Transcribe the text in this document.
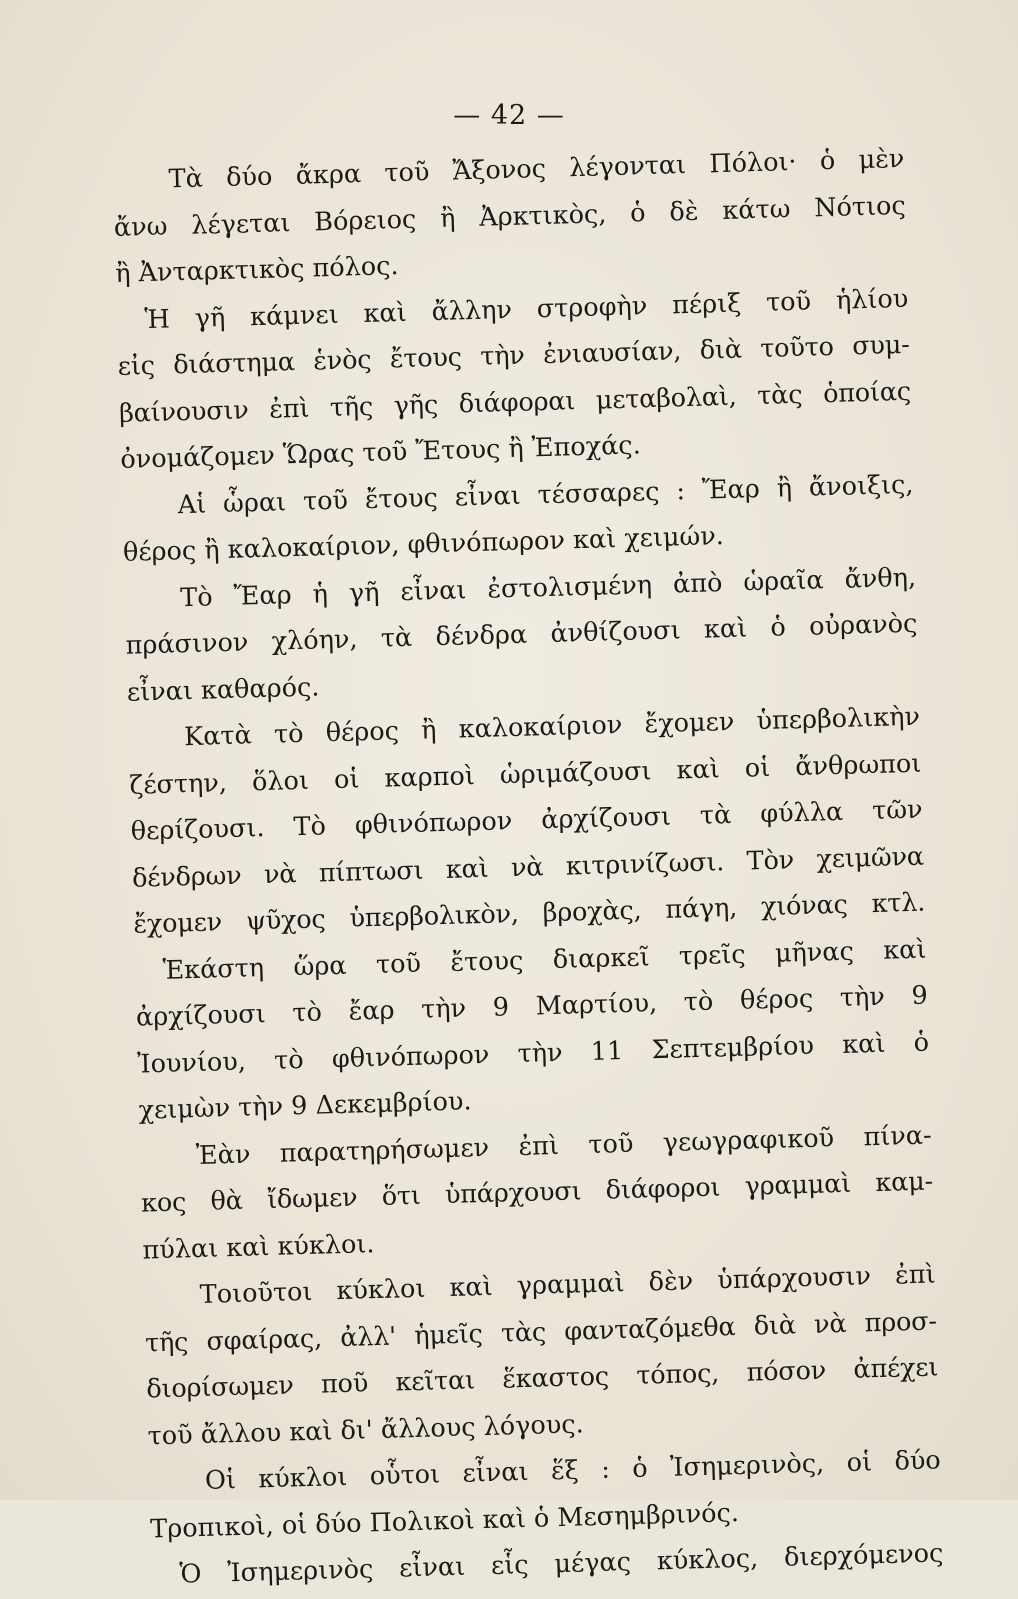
— 42 —
Τὰ δύο ἄκρα τοῦ Ἄξονος λέγονται Πόλοι· ὁ μὲν
ἄνω λέγεται Βόρειος ἢ Ἀρκτικὸς, ὁ δὲ κάτω Νότιος
ἢ Ἀνταρκτικὸς πόλος.
Ἡ γῆ κάμνει καὶ ἄλλην στροφὴν πέριξ τοῦ ἡλίου
εἰς διάστημα ἑνὸς ἔτους τὴν ἐνιαυσίαν, διὰ τοῦτο συμ-
βαίνουσιν ἐπὶ τῆς γῆς διάφοραι μεταβολαὶ, τὰς ὁποίας
ὀνομάζομεν Ὥρας τοῦ Ἔτους ἢ Ἐποχάς.
Αἱ ὧραι τοῦ ἔτους εἶναι τέσσαρες : Ἔαρ ἢ ἄνοιξις,
θέρος ἢ καλοκαίριον, φθινόπωρον καὶ χειμών.
Τὸ Ἔαρ ἡ γῆ εἶναι ἐστολισμένη ἀπὸ ὡραῖα ἄνθη,
πράσινον χλόην, τὰ δένδρα ἀνθίζουσι καὶ ὁ οὐρανὸς
εἶναι καθαρός.
Κατὰ τὸ θέρος ἢ καλοκαίριον ἔχομεν ὑπερβολικὴν
ζέστην, ὅλοι οἱ καρποὶ ὡριμάζουσι καὶ οἱ ἄνθρωποι
θερίζουσι. Τὸ φθινόπωρον ἀρχίζουσι τὰ φύλλα τῶν
δένδρων νὰ πίπτωσι καὶ νὰ κιτρινίζωσι. Τὸν χειμῶνα
ἔχομεν ψῦχος ὑπερβολικὸν, βροχὰς, πάγη, χιόνας κτλ.
Ἑκάστη ὥρα τοῦ ἔτους διαρκεῖ τρεῖς μῆνας καὶ
ἀρχίζουσι τὸ ἔαρ τὴν 9 Μαρτίου, τὸ θέρος τὴν 9
Ἰουνίου, τὸ φθινόπωρον τὴν 11 Σεπτεμβρίου καὶ ὁ
χειμὼν τὴν 9 Δεκεμβρίου.
Ἐὰν παρατηρήσωμεν ἐπὶ τοῦ γεωγραφικοῦ πίνα-
κος θὰ ἴδωμεν ὅτι ὑπάρχουσι διάφοροι γραμμαὶ καμ-
πύλαι καὶ κύκλοι.
Τοιοῦτοι κύκλοι καὶ γραμμαὶ δὲν ὑπάρχουσιν ἐπὶ
τῆς σφαίρας, ἀλλ' ἡμεῖς τὰς φανταζόμεθα διὰ νὰ προσ-
διορίσωμεν ποῦ κεῖται ἕκαστος τόπος, πόσον ἀπέχει
τοῦ ἄλλου καὶ δι' ἄλλους λόγους.
Οἱ κύκλοι οὗτοι εἶναι ἕξ : ὁ Ἰσημερινὸς, οἱ δύο
Τροπικοὶ, οἱ δύο Πολικοὶ καὶ ὁ Μεσημβρινός.
Ὁ Ἰσημερινὸς εἶναι εἷς μέγας κύκλος, διερχόμενος
